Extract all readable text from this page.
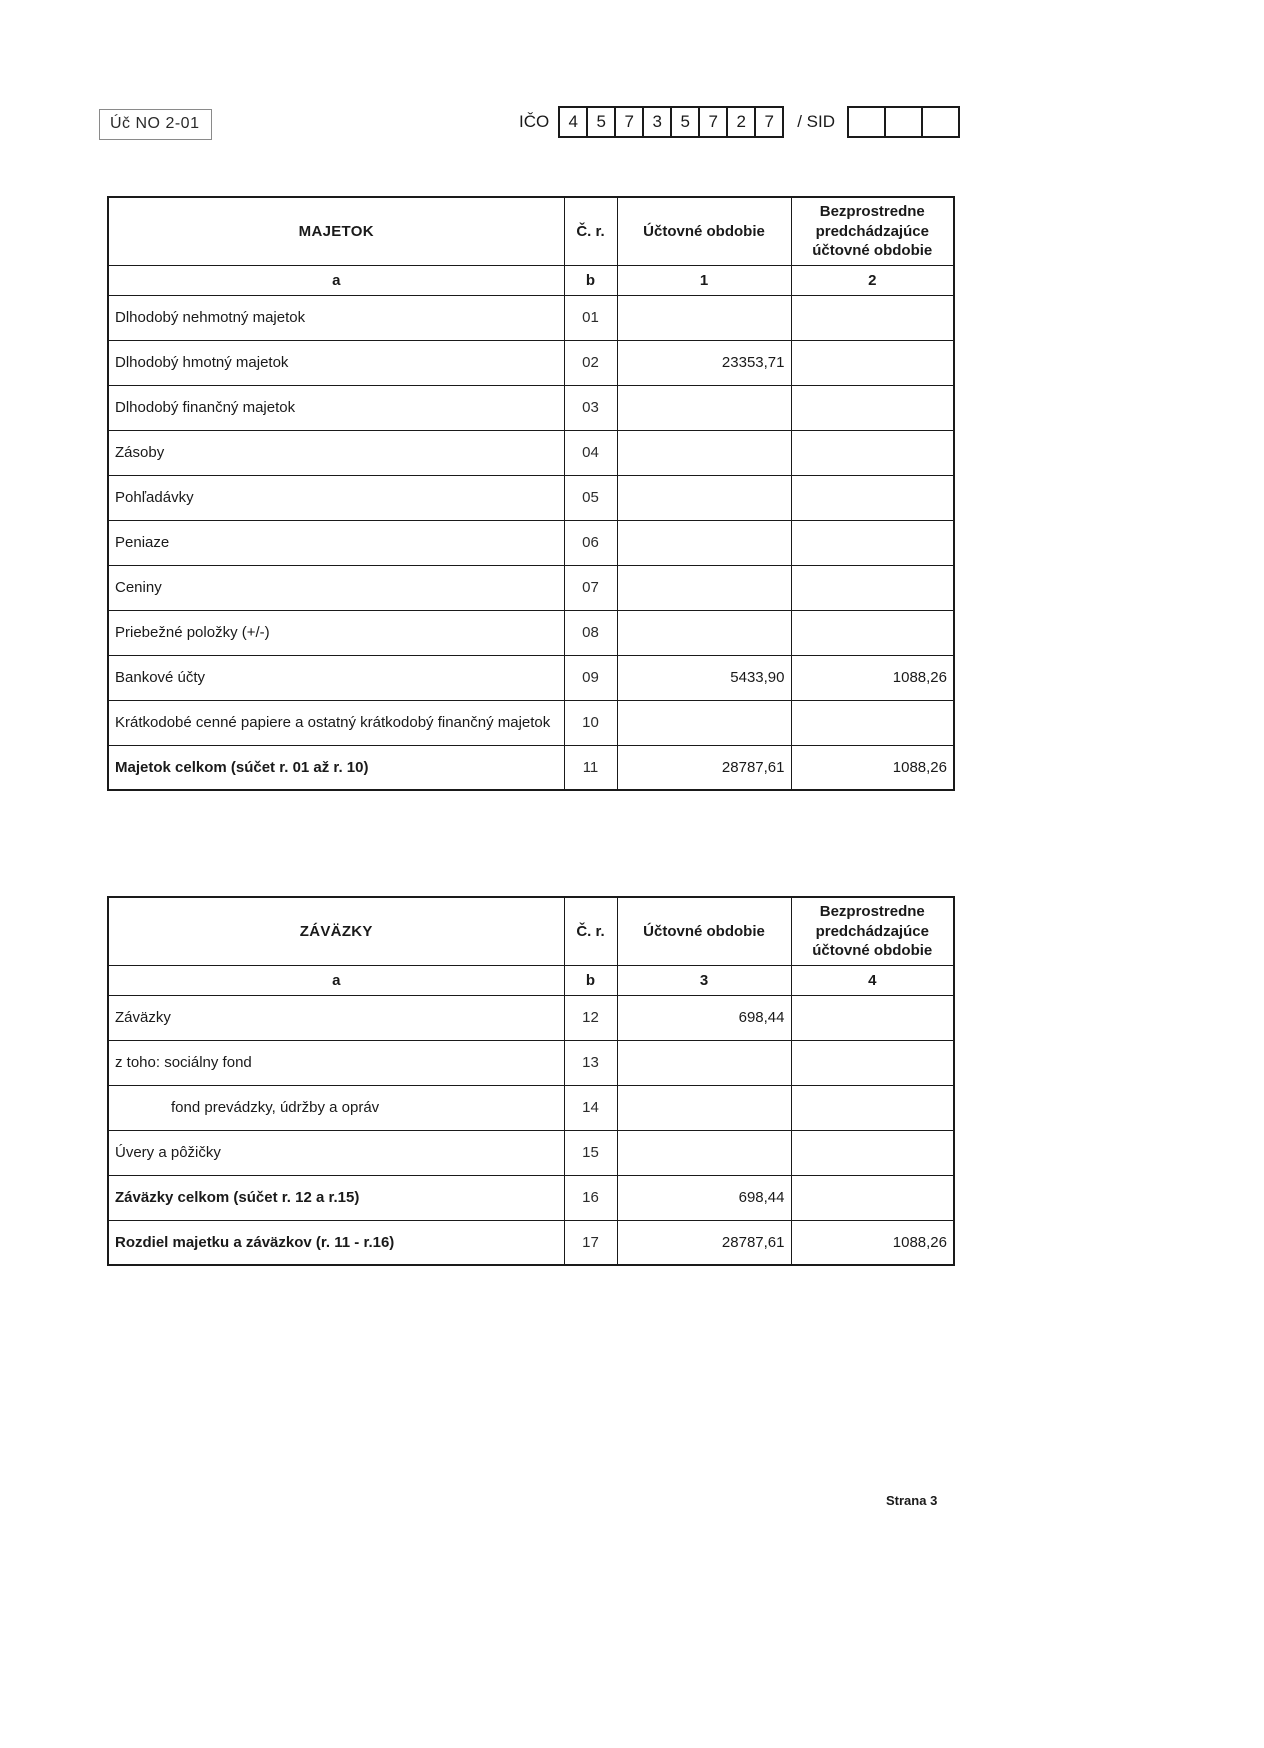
Úč NO 2-01	IČO	4	5	7	3	5	7	2	7	/ SID
MAJETOK	Č. r.	Účtovné obdobie	Bezprostredne predchádzajúce účtovné obdobie
a	b	1	2
Dlhodobý nehmotný majetok	01		
Dlhodobý hmotný majetok	02	23353,71	
Dlhodobý finančný majetok	03		
Zásoby	04		
Pohľadávky	05		
Peniaze	06		
Ceniny	07		
Priebežné položky (+/-)	08		
Bankové účty	09	5433,90	1088,26
Krátkodobé cenné papiere a ostatný krátkodobý finančný majetok	10		
Majetok celkom (súčet r. 01 až r. 10)	11	28787,61	1088,26
ZÁVÄZKY	Č. r.	Účtovné obdobie	Bezprostredne predchádzajúce účtovné obdobie
a	b	3	4
Záväzky	12	698,44	
z toho: sociálny fond	13		
fond prevádzky, údržby a opráv	14		
Úvery a pôžičky	15		
Záväzky celkom (súčet r. 12 a r.15)	16	698,44	
Rozdiel majetku a záväzkov (r. 11 - r.16)	17	28787,61	1088,26
Strana 3
